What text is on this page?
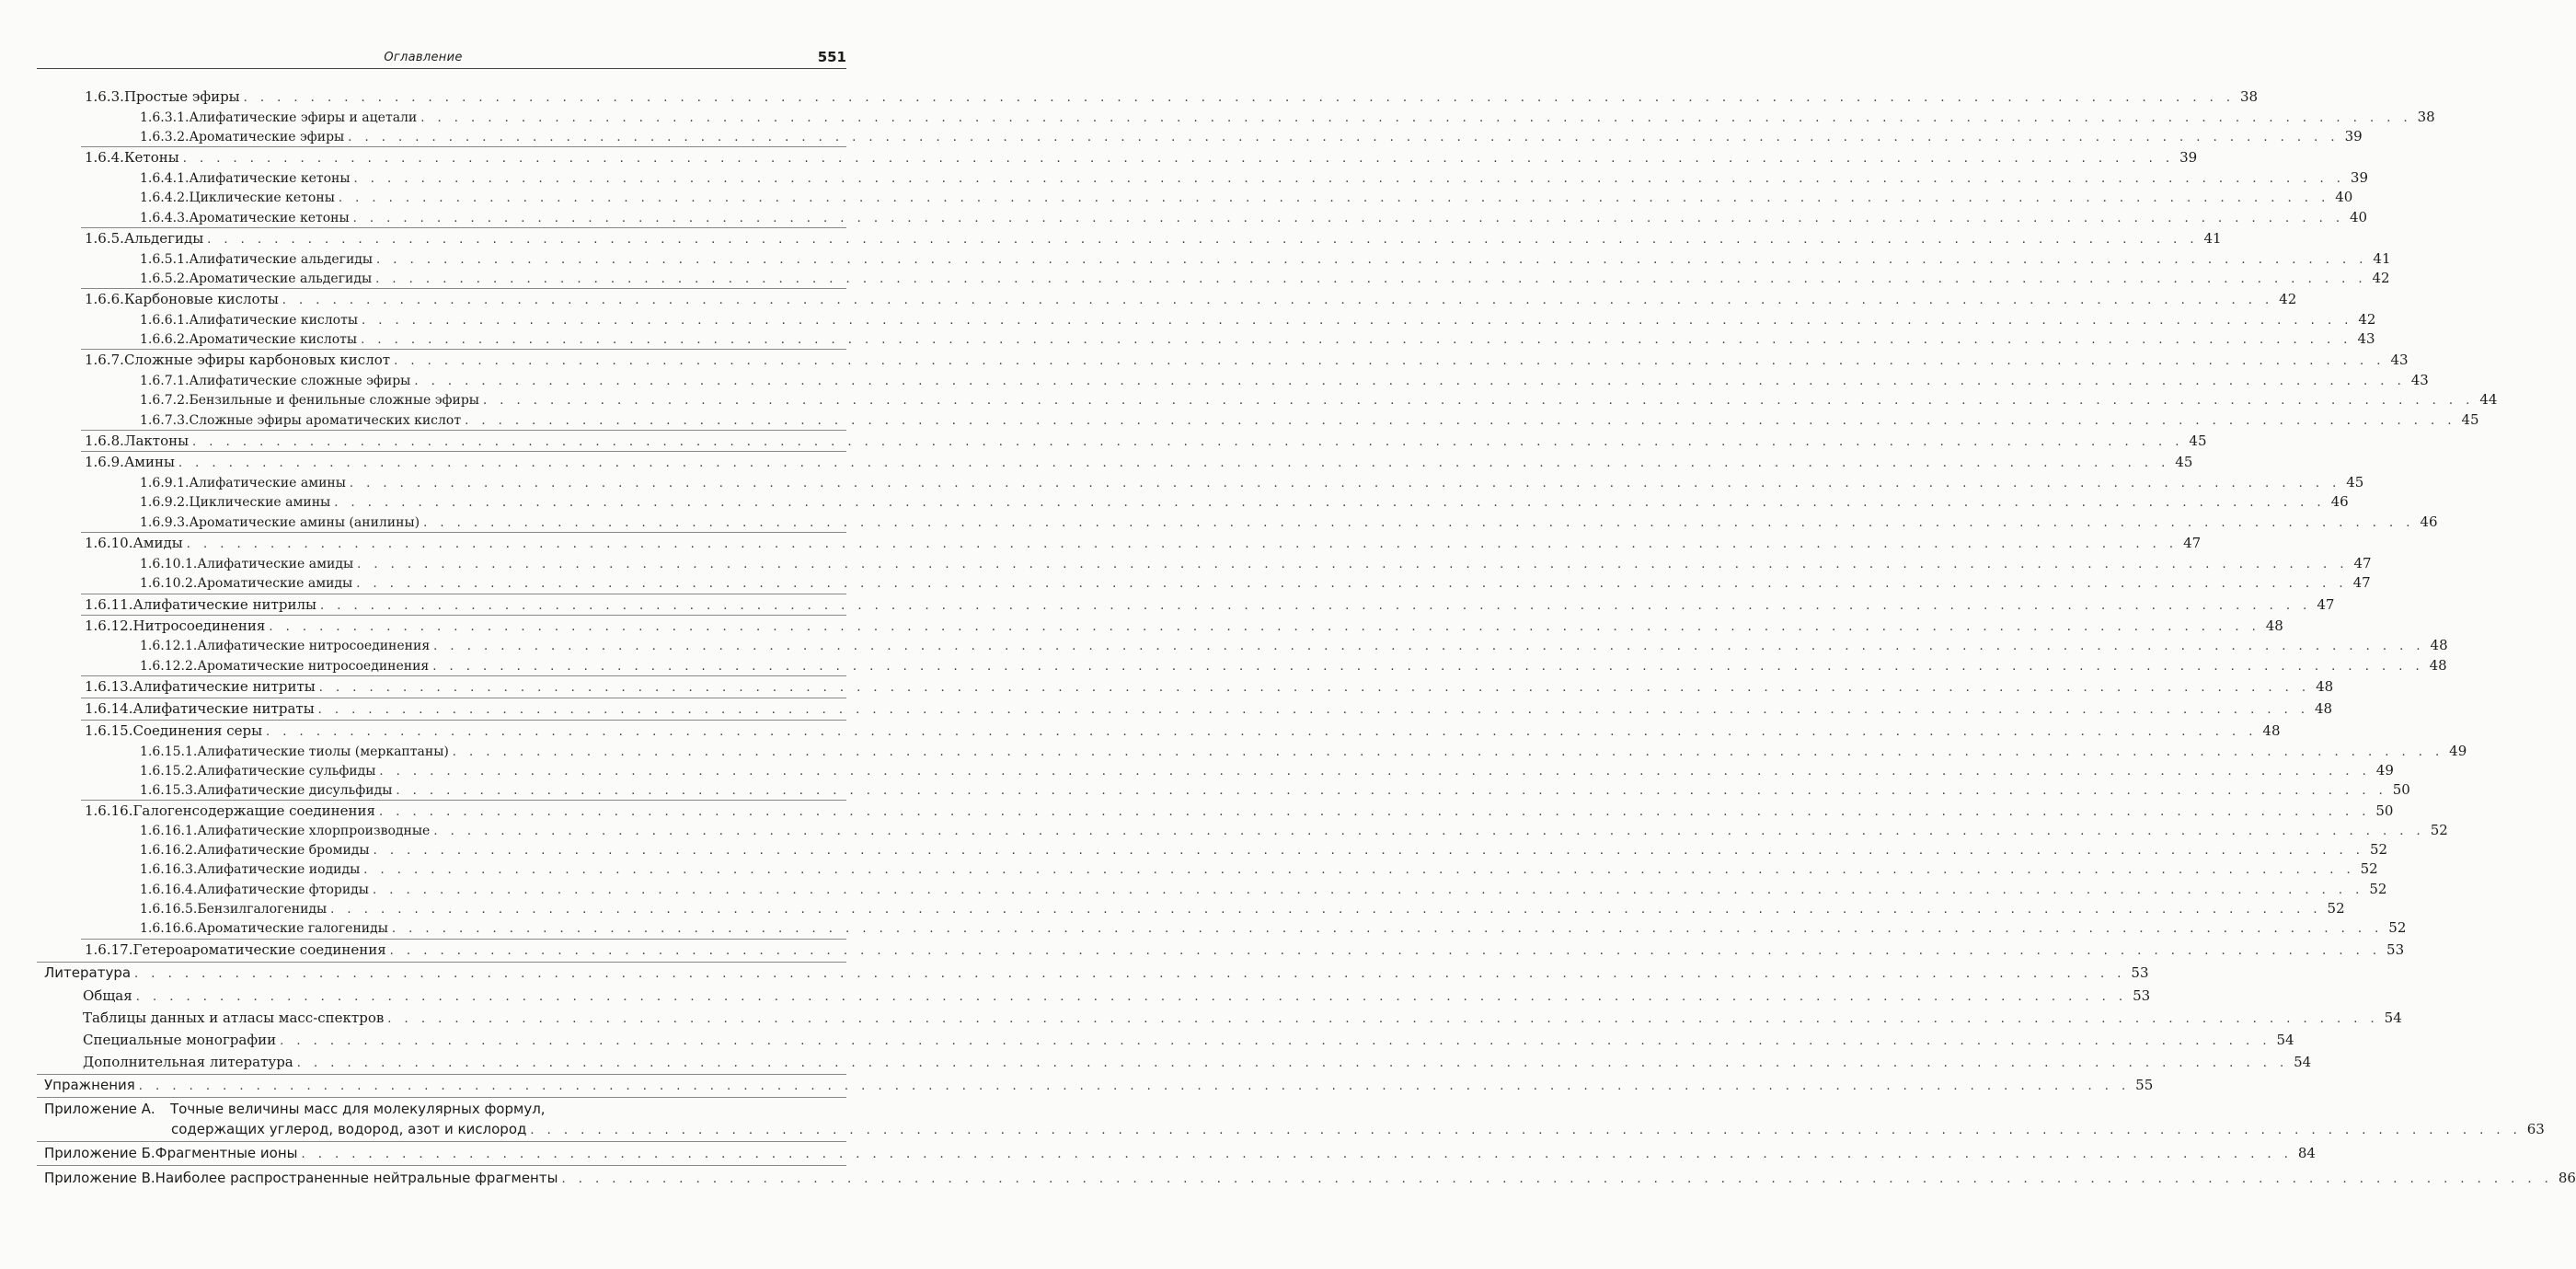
Оглавление	551
1.6.3. Простые эфиры . . .	38
1.6.3.1. Алифатические эфиры и ацетали . . .	38
1.6.3.2. Ароматические эфиры . . .	39
1.6.4. Кетоны . . .	39
1.6.4.1. Алифатические кетоны . . .	39
1.6.4.2. Циклические кетоны . . .	40
1.6.4.3. Ароматические кетоны . . .	40
1.6.5. Альдегиды . . .	41
1.6.5.1. Алифатические альдегиды . . .	41
1.6.5.2. Ароматические альдегиды . . .	42
1.6.6. Карбоновые кислоты . . .	42
1.6.6.1. Алифатические кислоты . . .	42
1.6.6.2. Ароматические кислоты . . .	43
1.6.7. Сложные эфиры карбоновых кислот . . .	43
1.6.7.1. Алифатические сложные эфиры . . .	43
1.6.7.2. Бензильные и фенильные сложные эфиры . . .	44
1.6.7.3. Сложные эфиры ароматических кислот . . .	45
1.6.8. Лактоны . . .	45
1.6.9. Амины . . .	45
1.6.9.1. Алифатические амины . . .	45
1.6.9.2. Циклические амины . . .	46
1.6.9.3. Ароматические амины (анилины) . . .	46
1.6.10. Амиды . . .	47
1.6.10.1. Алифатические амиды . . .	47
1.6.10.2. Ароматические амиды . . .	47
1.6.11. Алифатические нитрилы . . .	47
1.6.12. Нитросоединения . . .	48
1.6.12.1. Алифатические нитросоединения . . .	48
1.6.12.2. Ароматические нитросоединения . . .	48
1.6.13. Алифатические нитриты . . .	48
1.6.14. Алифатические нитраты . . .	48
1.6.15. Соединения серы . . .	48
1.6.15.1. Алифатические тиолы (меркаптаны) . . .	49
1.6.15.2. Алифатические сульфиды . . .	49
1.6.15.3. Алифатические дисульфиды . . .	50
1.6.16. Галогенсодержащие соединения . . .	50
1.6.16.1. Алифатические хлорпроизводные . . .	52
1.6.16.2. Алифатические бромиды . . .	52
1.6.16.3. Алифатические иодиды . . .	52
1.6.16.4. Алифатические фториды . . .	52
1.6.16.5. Бензилгалогениды . . .	52
1.6.16.6. Ароматические галогениды . . .	52
1.6.17. Гетероароматические соединения . . .	53
Литература . . .	53
Общая . . .	53
Таблицы данных и атласы масс-спектров . . .	54
Специальные монографии . . .	54
Дополнительная литература . . .	54
Упражнения . . .	55
Приложение А.	Точные величины масс для молекулярных формул,
содержащих углерод, водород, азот и кислород . . .	63
Приложение Б. Фрагментные ионы . . .	84
Приложение В. Наиболее распространенные нейтральные фрагменты . . .	86
